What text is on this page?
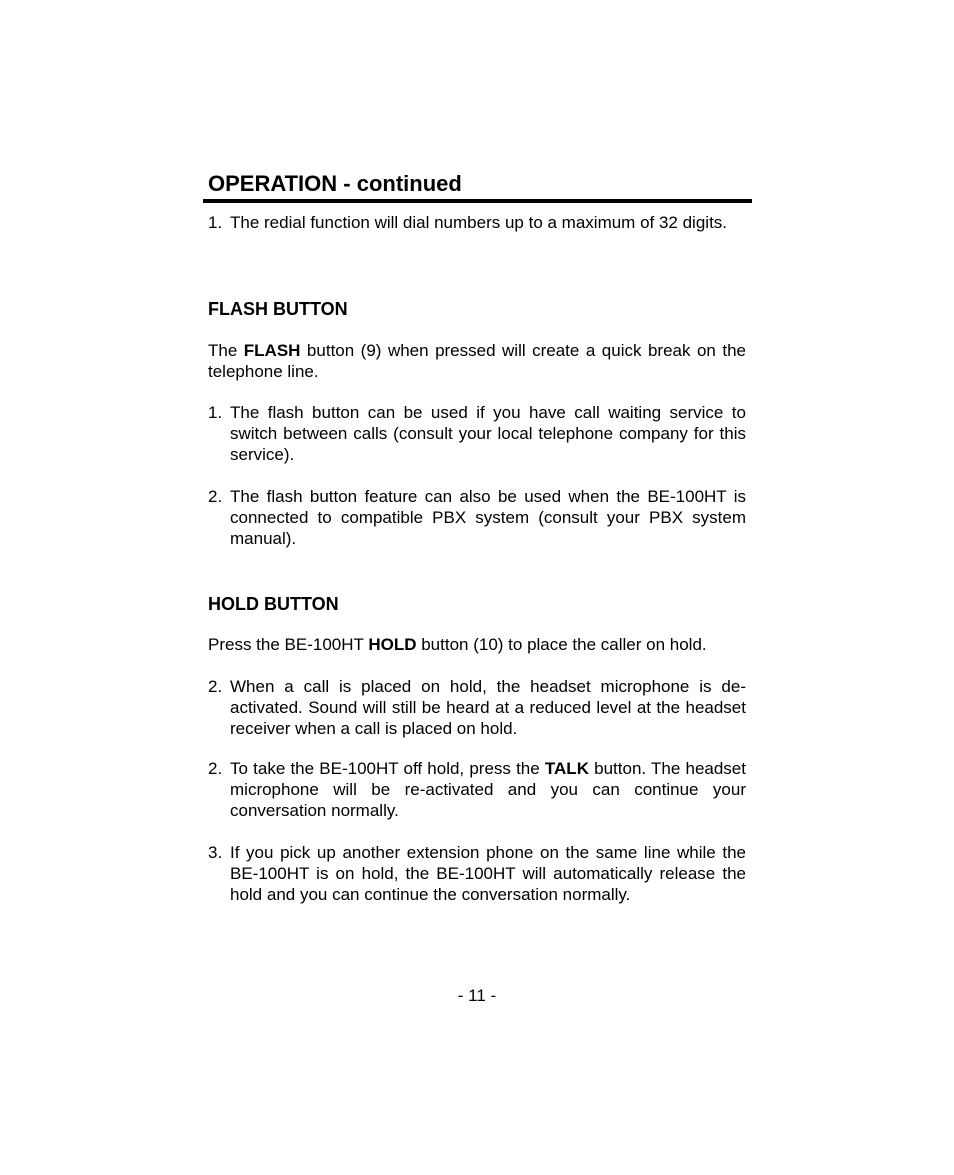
OPERATION - continued
1. The redial function will dial numbers up to a maximum of 32 digits.
FLASH BUTTON

The FLASH button (9) when pressed will create a quick break on the telephone line.

1. The flash button can be used if you have call waiting service to switch between calls (consult your local telephone company for this service).
2. The flash button feature can also be used when the BE-100HT is connected to compatible PBX system (consult your PBX system manual).
HOLD BUTTON

Press the BE-100HT HOLD button (10) to place the caller on hold.

2. When a call is placed on hold, the headset microphone is de-activated. Sound will still be heard at a reduced level at the headset receiver when a call is placed on hold.
2. To take the BE-100HT off hold, press the TALK button. The headset microphone will be re-activated and you can continue your conversation normally.
3. If you pick up another extension phone on the same line while the BE-100HT is on hold, the BE-100HT will automatically release the hold and you can continue the conversation normally.
- 11 -
